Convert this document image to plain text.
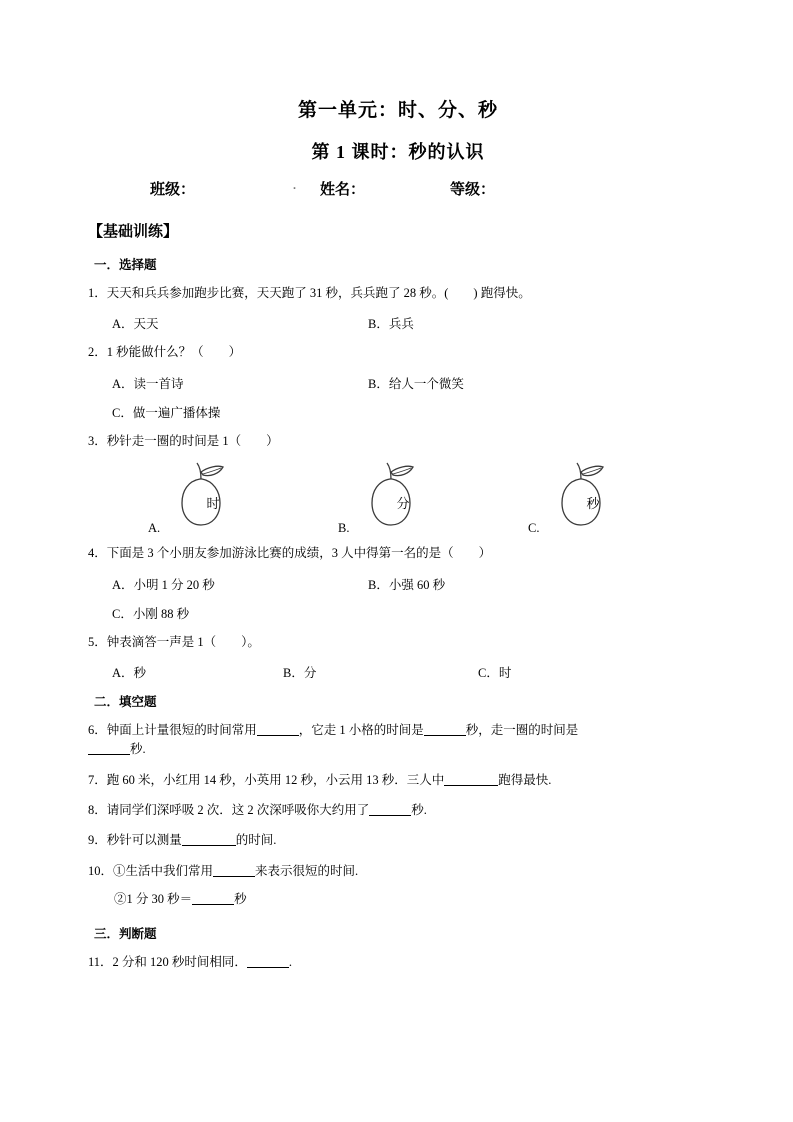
第一单元：时、分、秒
第 1 课时：秒的认识
班级：	. 姓名：	等级：
【基础训练】
一．选择题
1．天天和兵兵参加跑步比赛，天天跑了 31 秒，兵兵跑了 28 秒。(　　) 跑得快。
A．天天	B．兵兵
2．1 秒能做什么？（　　）
A．读一首诗	B．给人一个微笑
C．做一遍广播体操
3．秒针走一圈的时间是 1（　　）
A.
时
B.
分
C.
秒
4．下面是 3 个小朋友参加游泳比赛的成绩，3 人中得第一名的是（　　）
A．小明 1 分 20 秒	B．小强 60 秒
C．小刚 88 秒
5．钟表滴答一声是 1（　　）。
A．秒	B．分	C．时
二．填空题
6．钟面上计量很短的时间常用	，它走 1 小格的时间是	秒，走一圈的时间是
秒.
7．跑 60 米，小红用 14 秒，小英用 12 秒，小云用 13 秒．三人中	跑得最快.
8．请同学们深呼吸 2 次．这 2 次深呼吸你大约用了	秒.
9．秒针可以测量	的时间.
10．①生活中我们常用	来表示很短的时间.
②1 分 30 秒＝	秒
三．判断题
11．2 分和 120 秒时间相同．	.
